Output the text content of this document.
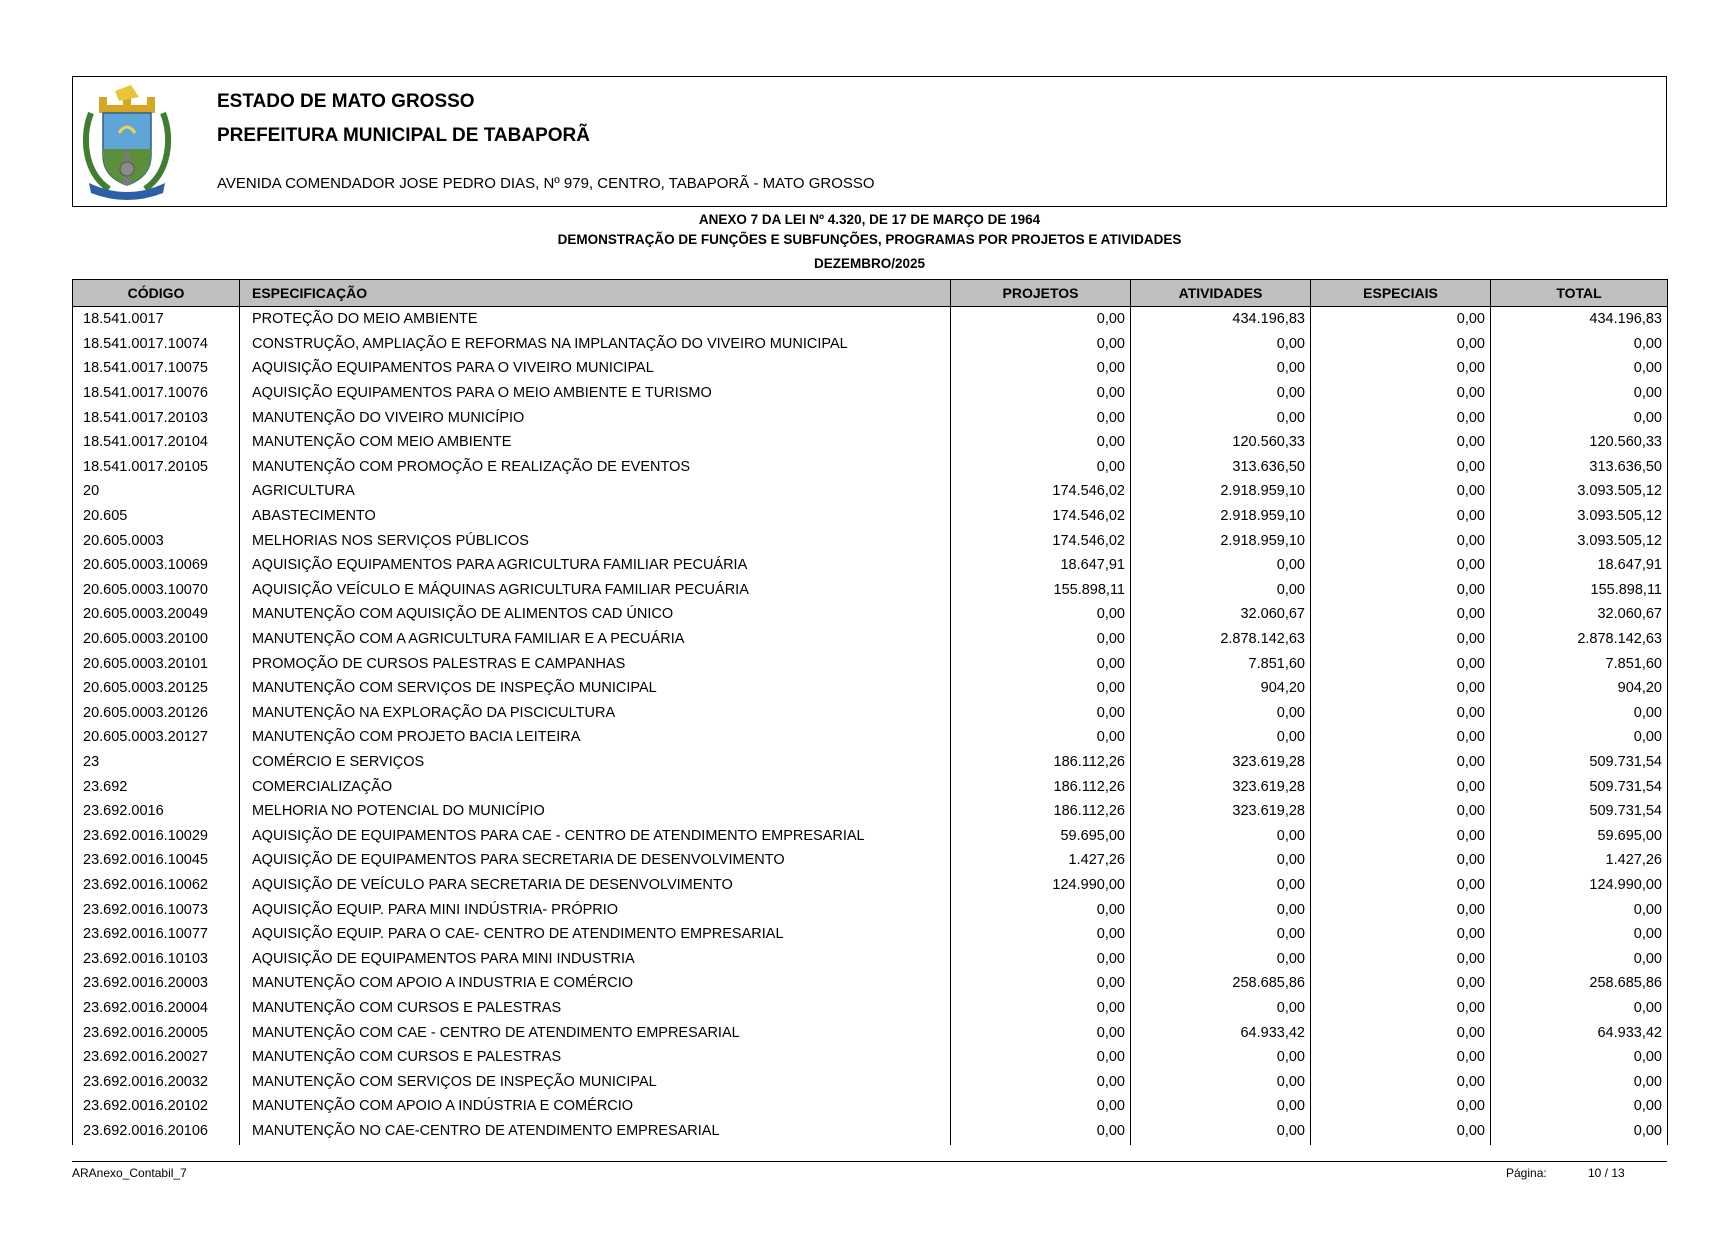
ESTADO DE MATO GROSSO
PREFEITURA MUNICIPAL DE TABAPORÃ
AVENIDA COMENDADOR JOSE PEDRO DIAS, Nº 979, CENTRO, TABAPORÃ - MATO GROSSO
ANEXO 7 DA LEI Nº 4.320, DE 17 DE MARÇO DE 1964
DEMONSTRAÇÃO DE FUNÇÕES E SUBFUNÇÕES, PROGRAMAS POR PROJETOS E ATIVIDADES
DEZEMBRO/2025
CÓDIGO	ESPECIFICAÇÃO	PROJETOS	ATIVIDADES	ESPECIAIS	TOTAL
18.541.0017	PROTEÇÃO DO MEIO AMBIENTE	0,00	434.196,83	0,00	434.196,83
18.541.0017.10074	CONSTRUÇÃO, AMPLIAÇÃO E REFORMAS NA IMPLANTAÇÃO DO VIVEIRO MUNICIPAL	0,00	0,00	0,00	0,00
18.541.0017.10075	AQUISIÇÃO EQUIPAMENTOS PARA O VIVEIRO MUNICIPAL	0,00	0,00	0,00	0,00
18.541.0017.10076	AQUISIÇÃO EQUIPAMENTOS PARA O MEIO AMBIENTE E TURISMO	0,00	0,00	0,00	0,00
18.541.0017.20103	MANUTENÇÃO DO VIVEIRO MUNICÍPIO	0,00	0,00	0,00	0,00
18.541.0017.20104	MANUTENÇÃO COM MEIO AMBIENTE	0,00	120.560,33	0,00	120.560,33
18.541.0017.20105	MANUTENÇÃO COM PROMOÇÃO E REALIZAÇÃO DE EVENTOS	0,00	313.636,50	0,00	313.636,50
20	AGRICULTURA	174.546,02	2.918.959,10	0,00	3.093.505,12
20.605	ABASTECIMENTO	174.546,02	2.918.959,10	0,00	3.093.505,12
20.605.0003	MELHORIAS NOS SERVIÇOS PÚBLICOS	174.546,02	2.918.959,10	0,00	3.093.505,12
20.605.0003.10069	AQUISIÇÃO EQUIPAMENTOS PARA AGRICULTURA FAMILIAR PECUÁRIA	18.647,91	0,00	0,00	18.647,91
20.605.0003.10070	AQUISIÇÃO VEÍCULO E MÁQUINAS AGRICULTURA FAMILIAR PECUÁRIA	155.898,11	0,00	0,00	155.898,11
20.605.0003.20049	MANUTENÇÃO COM AQUISIÇÃO DE ALIMENTOS CAD ÚNICO	0,00	32.060,67	0,00	32.060,67
20.605.0003.20100	MANUTENÇÃO COM A AGRICULTURA FAMILIAR E A PECUÁRIA	0,00	2.878.142,63	0,00	2.878.142,63
20.605.0003.20101	PROMOÇÃO DE CURSOS PALESTRAS E CAMPANHAS	0,00	7.851,60	0,00	7.851,60
20.605.0003.20125	MANUTENÇÃO COM SERVIÇOS DE INSPEÇÃO MUNICIPAL	0,00	904,20	0,00	904,20
20.605.0003.20126	MANUTENÇÃO NA EXPLORAÇÃO DA PISCICULTURA	0,00	0,00	0,00	0,00
20.605.0003.20127	MANUTENÇÃO COM PROJETO BACIA LEITEIRA	0,00	0,00	0,00	0,00
23	COMÉRCIO E SERVIÇOS	186.112,26	323.619,28	0,00	509.731,54
23.692	COMERCIALIZAÇÃO	186.112,26	323.619,28	0,00	509.731,54
23.692.0016	MELHORIA NO POTENCIAL DO MUNICÍPIO	186.112,26	323.619,28	0,00	509.731,54
23.692.0016.10029	AQUISIÇÃO DE EQUIPAMENTOS PARA CAE - CENTRO DE ATENDIMENTO EMPRESARIAL	59.695,00	0,00	0,00	59.695,00
23.692.0016.10045	AQUISIÇÃO DE EQUIPAMENTOS PARA SECRETARIA DE DESENVOLVIMENTO	1.427,26	0,00	0,00	1.427,26
23.692.0016.10062	AQUISIÇÃO DE VEÍCULO PARA SECRETARIA DE DESENVOLVIMENTO	124.990,00	0,00	0,00	124.990,00
23.692.0016.10073	AQUISIÇÃO EQUIP. PARA MINI INDÚSTRIA- PRÓPRIO	0,00	0,00	0,00	0,00
23.692.0016.10077	AQUISIÇÃO EQUIP. PARA O CAE- CENTRO DE ATENDIMENTO EMPRESARIAL	0,00	0,00	0,00	0,00
23.692.0016.10103	AQUISIÇÃO DE EQUIPAMENTOS PARA MINI INDUSTRIA	0,00	0,00	0,00	0,00
23.692.0016.20003	MANUTENÇÃO COM APOIO A INDUSTRIA E COMÉRCIO	0,00	258.685,86	0,00	258.685,86
23.692.0016.20004	MANUTENÇÃO COM CURSOS E PALESTRAS	0,00	0,00	0,00	0,00
23.692.0016.20005	MANUTENÇÃO COM CAE - CENTRO DE ATENDIMENTO EMPRESARIAL	0,00	64.933,42	0,00	64.933,42
23.692.0016.20027	MANUTENÇÃO COM CURSOS E PALESTRAS	0,00	0,00	0,00	0,00
23.692.0016.20032	MANUTENÇÃO COM SERVIÇOS DE INSPEÇÃO MUNICIPAL	0,00	0,00	0,00	0,00
23.692.0016.20102	MANUTENÇÃO COM APOIO A INDÚSTRIA E COMÉRCIO	0,00	0,00	0,00	0,00
23.692.0016.20106	MANUTENÇÃO NO CAE-CENTRO DE ATENDIMENTO EMPRESARIAL	0,00	0,00	0,00	0,00
ARAnexo_Contabil_7	Página:	10 / 13
